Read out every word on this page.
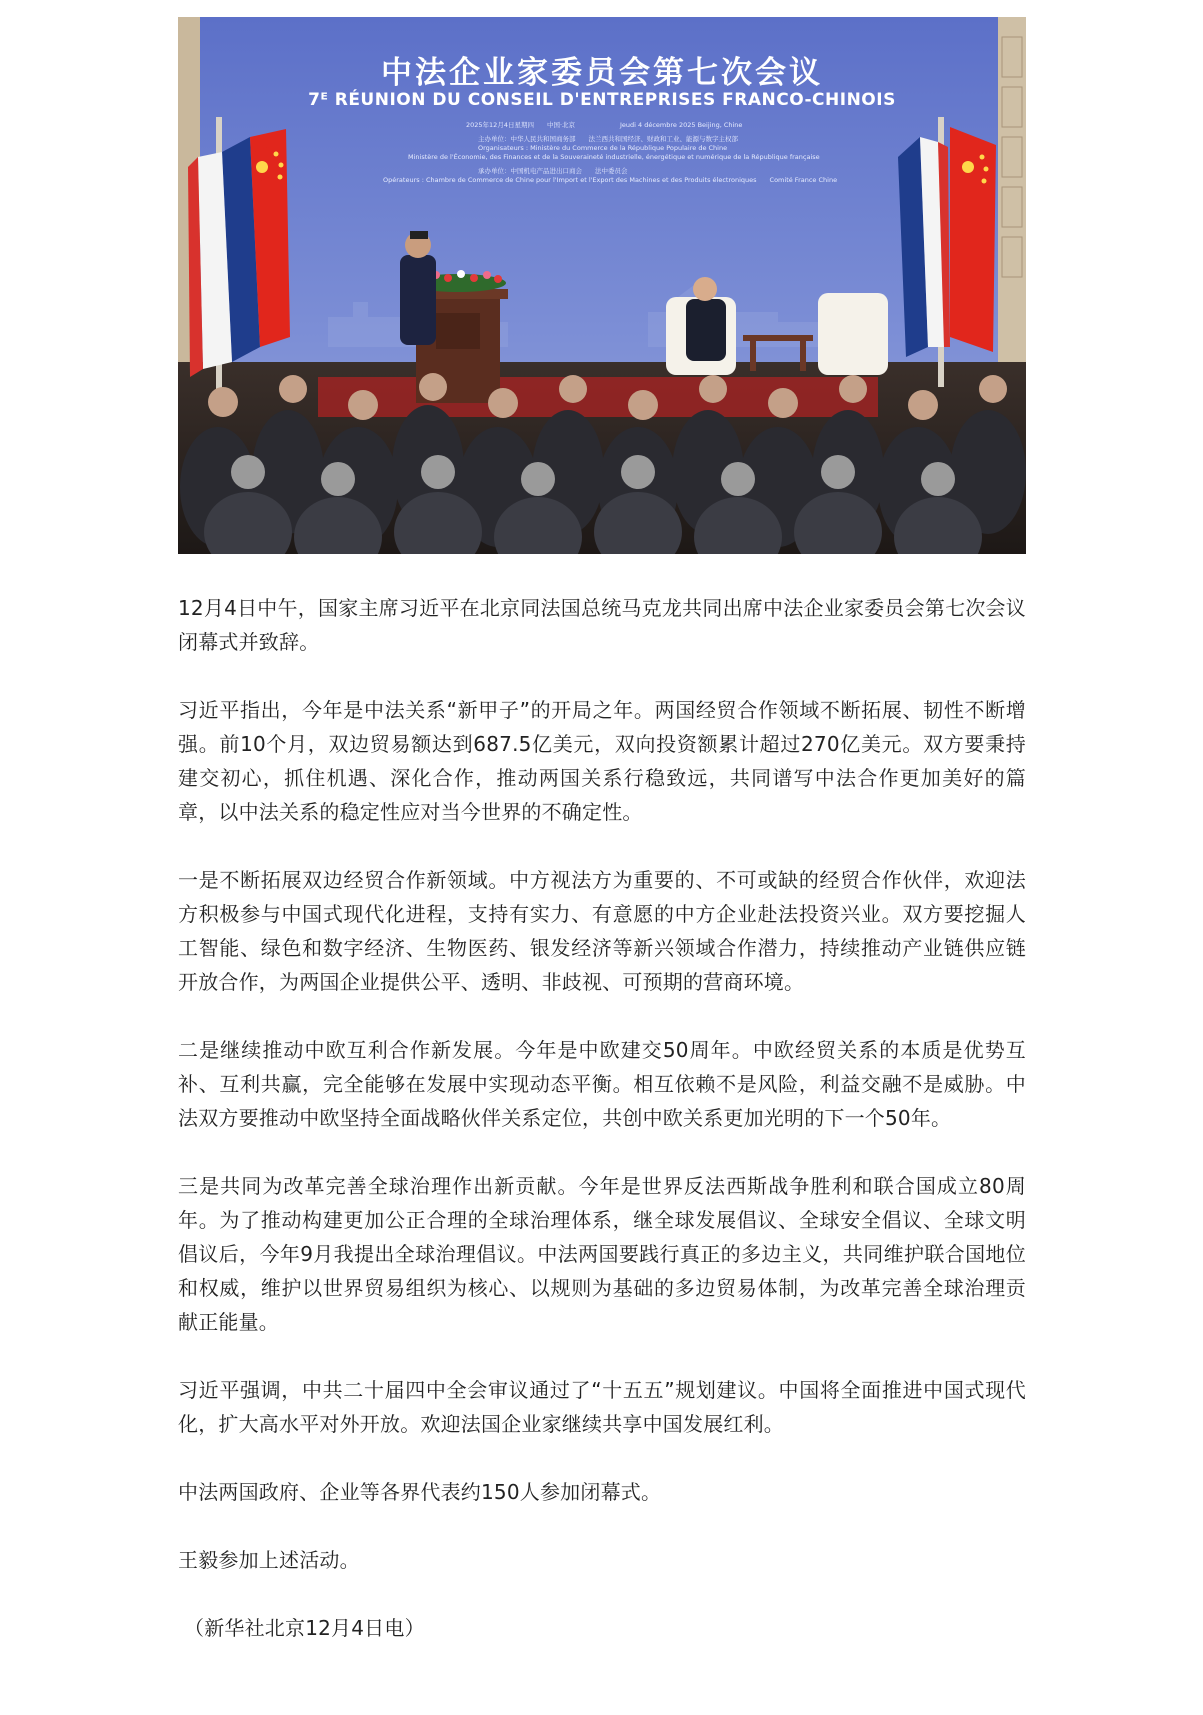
中法企业家委员会第七次会议
7ᴱ RÉUNION DU CONSEIL D'ENTREPRISES FRANCO-CHINOIS
2025年12月4日星期四　　中国·北京	Jeudi 4 décembre 2025 Beijing, Chine
主办单位：中华人民共和国商务部　　法兰西共和国经济、财政和工业、能源与数字主权部
Organisateurs : Ministère du Commerce de la République Populaire de Chine
Ministère de l'Économie, des Finances et de la Souveraineté industrielle, énergétique et numérique de la République française
承办单位：中国机电产品进出口商会　　法中委员会
Opérateurs : Chambre de Commerce de Chine pour l'Import et l'Export des Machines et des Produits électroniques　　Comité France Chine

12月4日中午，国家主席习近平在北京同法国总统马克龙共同出席中法企业家委员会第七次会议闭幕式并致辞。

习近平指出，今年是中法关系“新甲子”的开局之年。两国经贸合作领域不断拓展、韧性不断增强。前10个月，双边贸易额达到687.5亿美元，双向投资额累计超过270亿美元。双方要秉持建交初心，抓住机遇、深化合作，推动两国关系行稳致远，共同谱写中法合作更加美好的篇章，以中法关系的稳定性应对当今世界的不确定性。

一是不断拓展双边经贸合作新领域。中方视法方为重要的、不可或缺的经贸合作伙伴，欢迎法方积极参与中国式现代化进程，支持有实力、有意愿的中方企业赴法投资兴业。双方要挖掘人工智能、绿色和数字经济、生物医药、银发经济等新兴领域合作潜力，持续推动产业链供应链开放合作，为两国企业提供公平、透明、非歧视、可预期的营商环境。

二是继续推动中欧互利合作新发展。今年是中欧建交50周年。中欧经贸关系的本质是优势互补、互利共赢，完全能够在发展中实现动态平衡。相互依赖不是风险，利益交融不是威胁。中法双方要推动中欧坚持全面战略伙伴关系定位，共创中欧关系更加光明的下一个50年。

三是共同为改革完善全球治理作出新贡献。今年是世界反法西斯战争胜利和联合国成立80周年。为了推动构建更加公正合理的全球治理体系，继全球发展倡议、全球安全倡议、全球文明倡议后，今年9月我提出全球治理倡议。中法两国要践行真正的多边主义，共同维护联合国地位和权威，维护以世界贸易组织为核心、以规则为基础的多边贸易体制，为改革完善全球治理贡献正能量。

习近平强调，中共二十届四中全会审议通过了“十五五”规划建议。中国将全面推进中国式现代化，扩大高水平对外开放。欢迎法国企业家继续共享中国发展红利。

中法两国政府、企业等各界代表约150人参加闭幕式。

王毅参加上述活动。

（新华社北京12月4日电）
